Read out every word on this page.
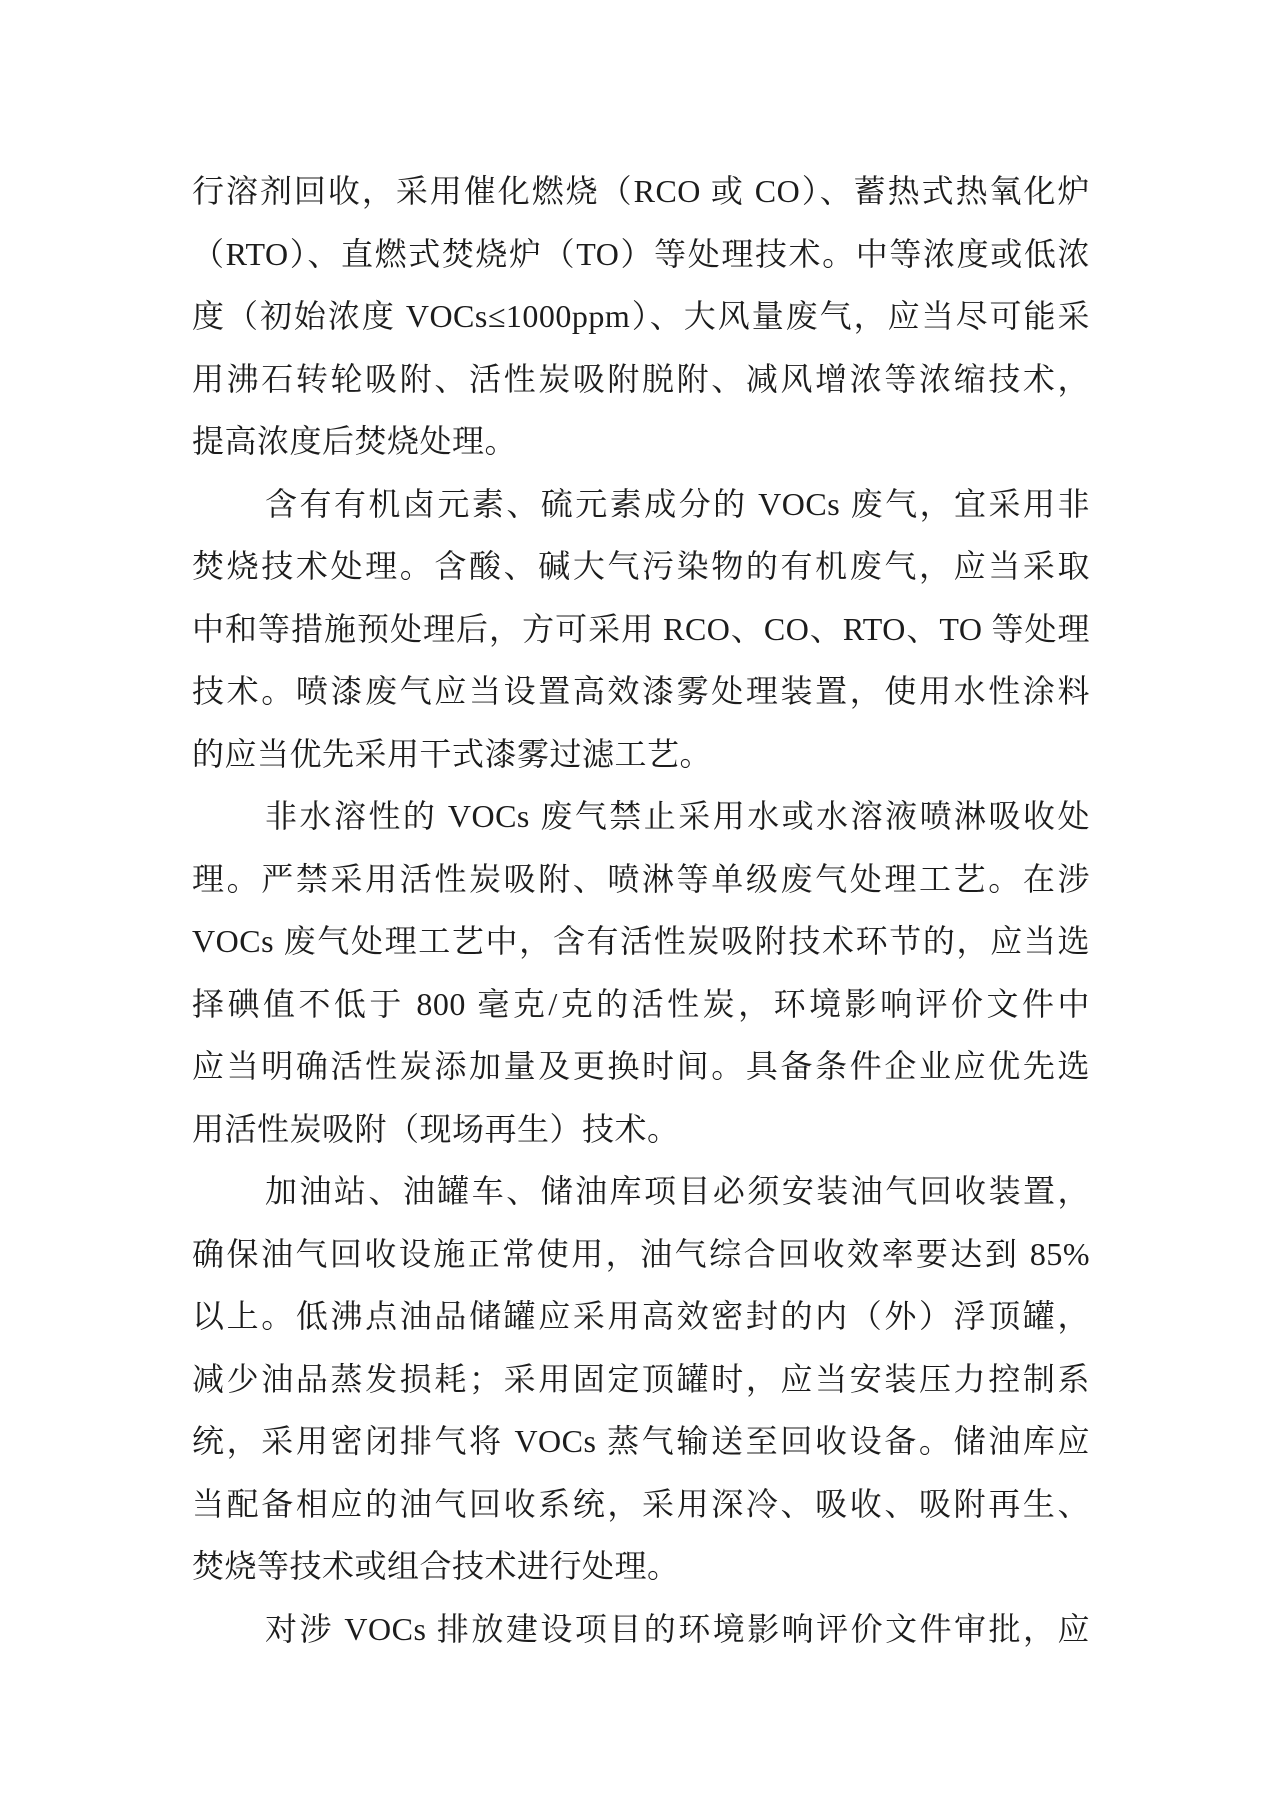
行溶剂回收，采用催化燃烧（RCO 或 CO）、蓄热式热氧化炉
（RTO）、直燃式焚烧炉（TO）等处理技术。中等浓度或低浓
度（初始浓度 VOCs≤1000ppm）、大风量废气，应当尽可能采
用沸石转轮吸附、活性炭吸附脱附、减风增浓等浓缩技术，
提高浓度后焚烧处理。
含有有机卤元素、硫元素成分的 VOCs 废气，宜采用非
焚烧技术处理。含酸、碱大气污染物的有机废气，应当采取
中和等措施预处理后，方可采用 RCO、CO、RTO、TO 等处理
技术。喷漆废气应当设置高效漆雾处理装置，使用水性涂料
的应当优先采用干式漆雾过滤工艺。
非水溶性的 VOCs 废气禁止采用水或水溶液喷淋吸收处
理。严禁采用活性炭吸附、喷淋等单级废气处理工艺。在涉
VOCs 废气处理工艺中，含有活性炭吸附技术环节的，应当选
择碘值不低于 800 毫克/克的活性炭，环境影响评价文件中
应当明确活性炭添加量及更换时间。具备条件企业应优先选
用活性炭吸附（现场再生）技术。
加油站、油罐车、储油库项目必须安装油气回收装置，
确保油气回收设施正常使用，油气综合回收效率要达到 85%
以上。低沸点油品储罐应采用高效密封的内（外）浮顶罐，
减少油品蒸发损耗；采用固定顶罐时，应当安装压力控制系
统，采用密闭排气将 VOCs 蒸气输送至回收设备。储油库应
当配备相应的油气回收系统，采用深冷、吸收、吸附再生、
焚烧等技术或组合技术进行处理。
对涉 VOCs 排放建设项目的环境影响评价文件审批，应
